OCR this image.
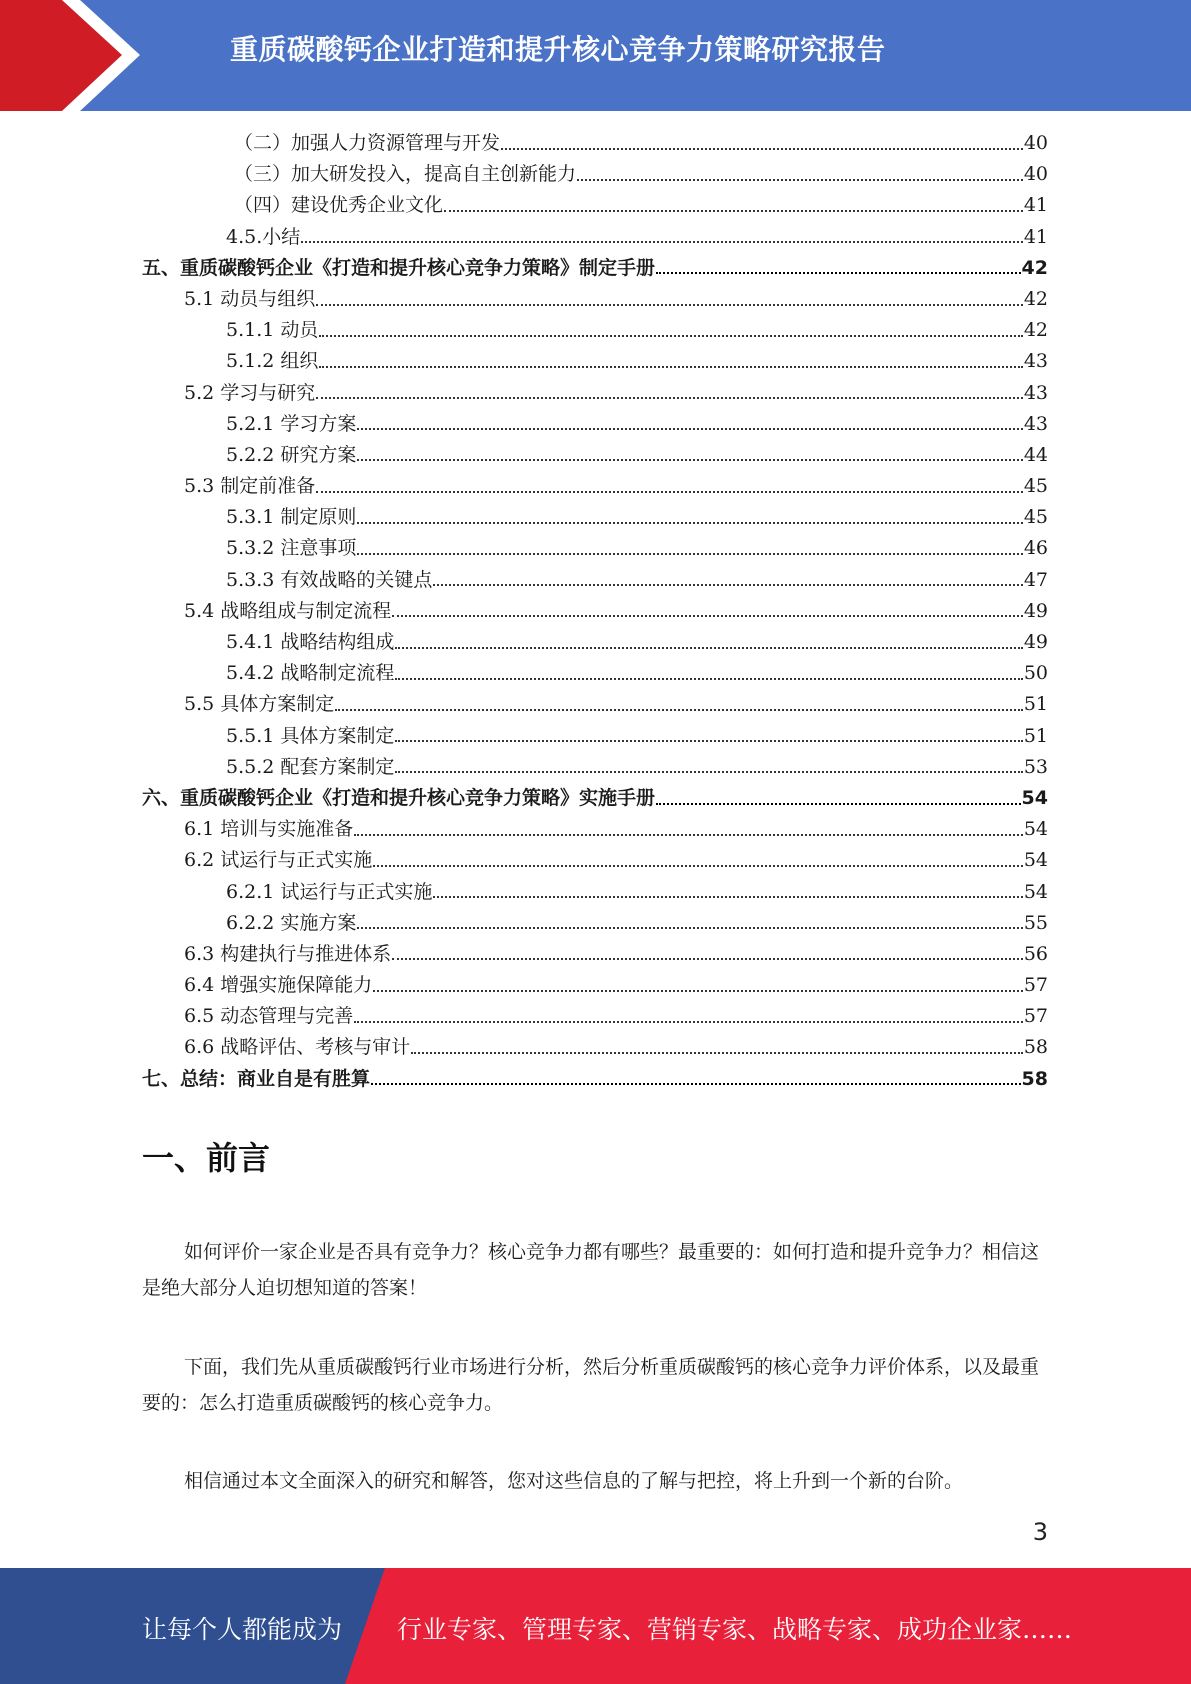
重质碳酸钙企业打造和提升核心竞争力策略研究报告
（二）加强人力资源管理与开发	40
（三）加大研发投入，提高自主创新能力	40
（四）建设优秀企业文化	41
4.5.小结	41
五、重质碳酸钙企业《打造和提升核心竞争力策略》制定手册	42
5.1 动员与组织	42
5.1.1 动员	42
5.1.2 组织	43
5.2 学习与研究	43
5.2.1 学习方案	43
5.2.2 研究方案	44
5.3 制定前准备	45
5.3.1 制定原则	45
5.3.2 注意事项	46
5.3.3 有效战略的关键点	47
5.4 战略组成与制定流程	49
5.4.1 战略结构组成	49
5.4.2 战略制定流程	50
5.5 具体方案制定	51
5.5.1 具体方案制定	51
5.5.2 配套方案制定	53
六、重质碳酸钙企业《打造和提升核心竞争力策略》实施手册	54
6.1 培训与实施准备	54
6.2 试运行与正式实施	54
6.2.1 试运行与正式实施	54
6.2.2 实施方案	55
6.3 构建执行与推进体系	56
6.4 增强实施保障能力	57
6.5 动态管理与完善	57
6.6 战略评估、考核与审计	58
七、总结：商业自是有胜算	58
一、前言
如何评价一家企业是否具有竞争力？核心竞争力都有哪些？最重要的：如何打造和提升竞争力？相信这是绝大部分人迫切想知道的答案！
下面，我们先从重质碳酸钙行业市场进行分析，然后分析重质碳酸钙的核心竞争力评价体系，以及最重要的：怎么打造重质碳酸钙的核心竞争力。
相信通过本文全面深入的研究和解答，您对这些信息的了解与把控，将上升到一个新的台阶。
3
让每个人都能成为 行业专家、管理专家、营销专家、战略专家、成功企业家……
